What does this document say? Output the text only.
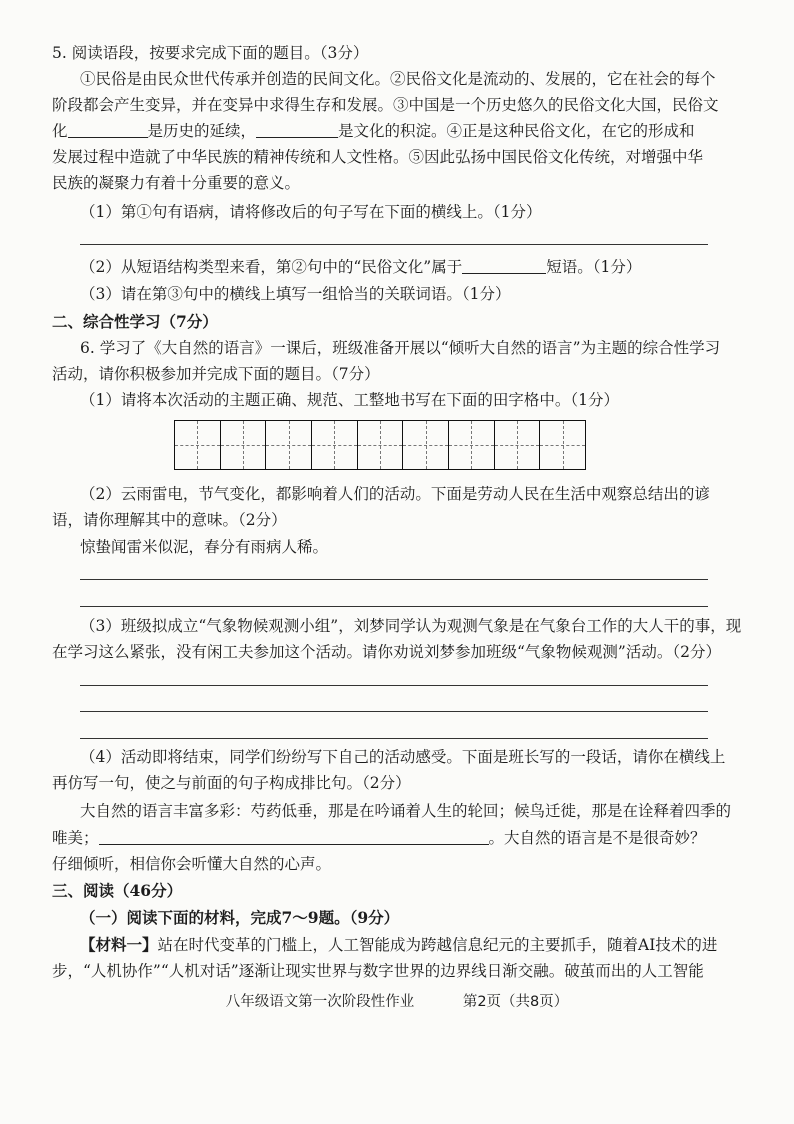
5. 阅读语段，按要求完成下面的题目。（3分）
①民俗是由民众世代传承并创造的民间文化。②民俗文化是流动的、发展的，它在社会的每个
阶段都会产生变异，并在变异中求得生存和发展。③中国是一个历史悠久的民俗文化大国，民俗文
化	是历史的延续，	是文化的积淀。④正是这种民俗文化，在它的形成和
发展过程中造就了中华民族的精神传统和人文性格。⑤因此弘扬中国民俗文化传统，对增强中华
民族的凝聚力有着十分重要的意义。
（1）第①句有语病，请将修改后的句子写在下面的横线上。（1分）
（2）从短语结构类型来看，第②句中的“民俗文化”属于	短语。（1分）
（3）请在第③句中的横线上填写一组恰当的关联词语。（1分）
二、综合性学习（7分）
6. 学习了《大自然的语言》一课后，班级准备开展以“倾听大自然的语言”为主题的综合性学习
活动，请你积极参加并完成下面的题目。（7分）
（1）请将本次活动的主题正确、规范、工整地书写在下面的田字格中。（1分）
（2）云雨雷电，节气变化，都影响着人们的活动。下面是劳动人民在生活中观察总结出的谚
语，请你理解其中的意味。（2分）
惊蛰闻雷米似泥，春分有雨病人稀。
（3）班级拟成立“气象物候观测小组”，刘梦同学认为观测气象是在气象台工作的大人干的事，现
在学习这么紧张，没有闲工夫参加这个活动。请你劝说刘梦参加班级“气象物候观测”活动。（2分）
（4）活动即将结束，同学们纷纷写下自己的活动感受。下面是班长写的一段话，请你在横线上
再仿写一句，使之与前面的句子构成排比句。（2分）
大自然的语言丰富多彩：芍药低垂，那是在吟诵着人生的轮回；候鸟迁徙，那是在诠释着四季的
唯美；	。大自然的语言是不是很奇妙？
仔细倾听，相信你会听懂大自然的心声。
三、阅读（46分）
（一）阅读下面的材料，完成7～9题。（9分）
【材料一】站在时代变革的门槛上，人工智能成为跨越信息纪元的主要抓手，随着AI技术的进
步，“人机协作”“人机对话”逐渐让现实世界与数字世界的边界线日渐交融。破茧而出的人工智能
八年级语文第一次阶段性作业	第2页（共8页）
